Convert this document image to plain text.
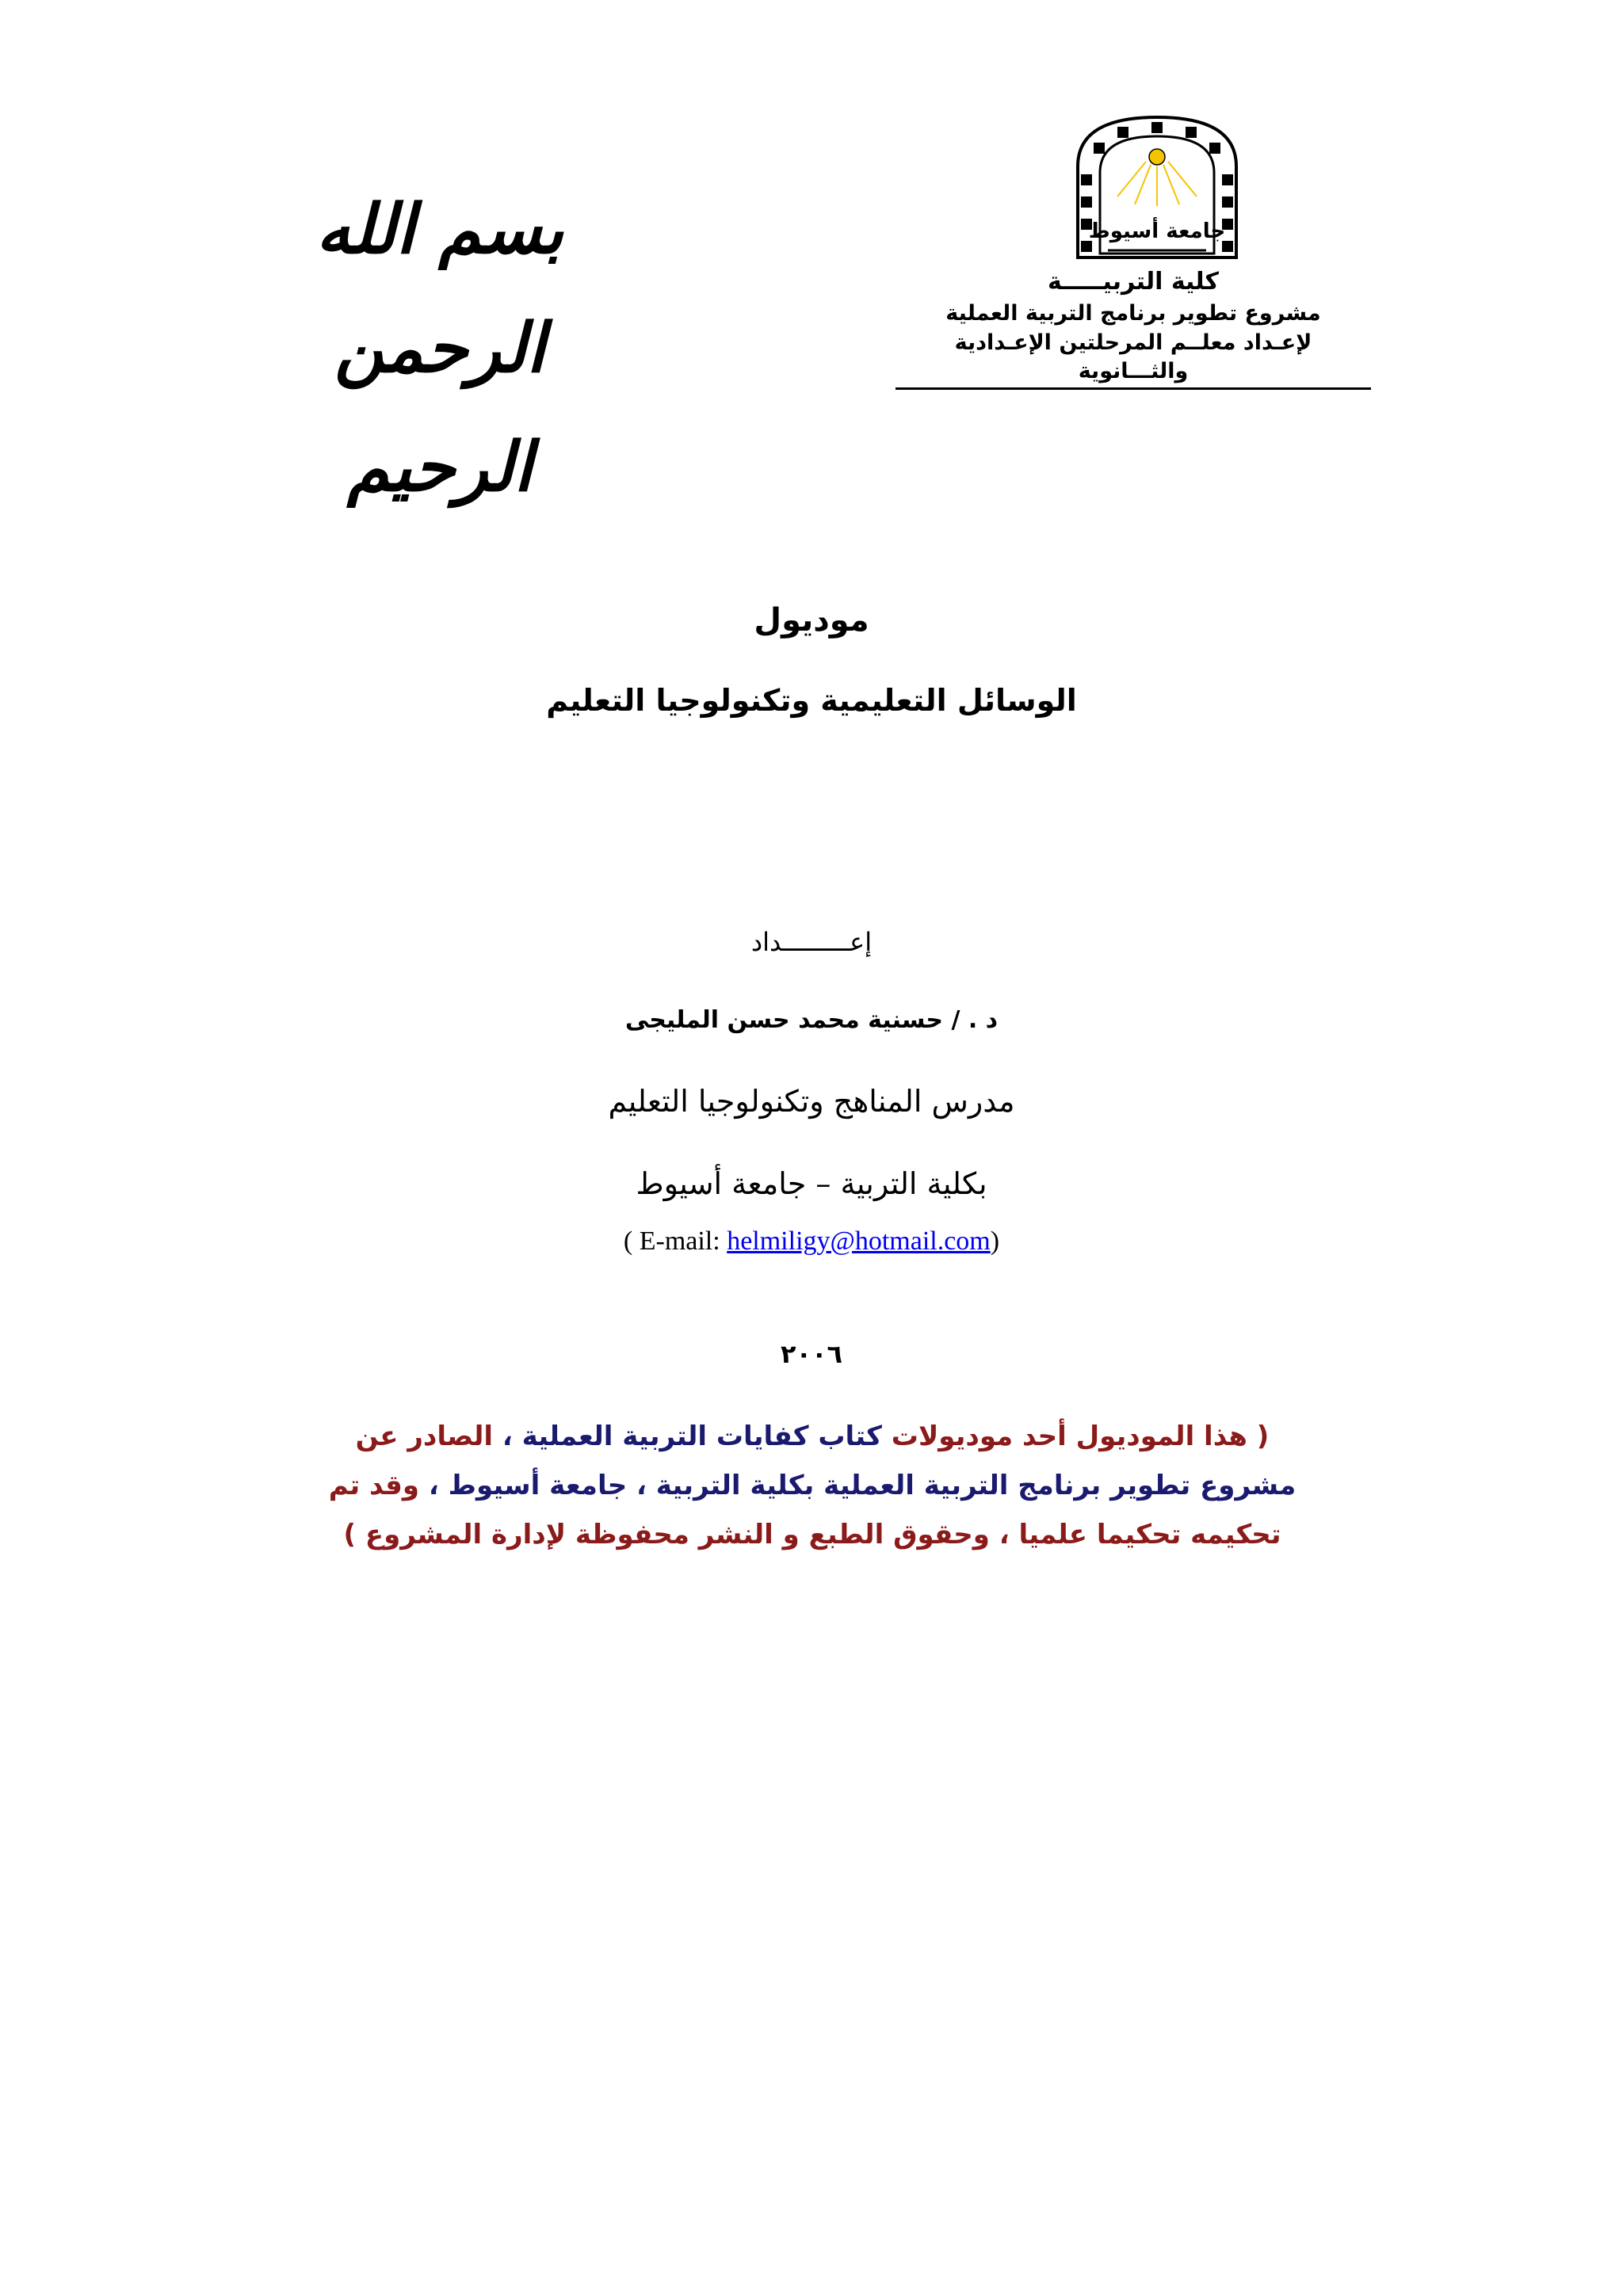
بسم الله الرحمن الرحيم
جامعة أسيوط
كلية التربيـــــة
مشروع تطوير برنامج التربية العملية
لإعـداد معلــم المرحلتين الإعـدادية والثـــانوية
موديول
الوسائل التعليمية وتكنولوجيا التعليم
إعـــــــــداد
د . / حسنية محمد حسن المليجى
مدرس المناهج وتكنولوجيا التعليم
بكلية التربية – جامعة أسيوط
( E-mail: helmiligy@hotmail.com)
٢٠٠٦
( هذا الموديول أحد موديولات كتاب كفايات التربية العملية ، الصادر عن مشروع تطوير برنامج التربية العملية بكلية التربية ، جامعة أسيوط ، وقد تم تحكيمه تحكيما علميا ، وحقوق الطبع و النشر محفوظة لإدارة المشروع )
